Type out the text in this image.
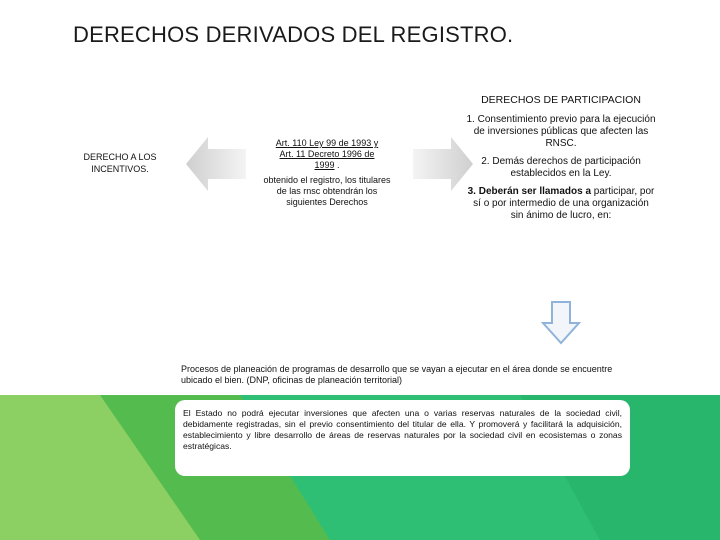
DERECHOS DERIVADOS DEL REGISTRO.
DERECHO A LOS INCENTIVOS.
Art. 110 Ley 99 de 1993 y
Art. 11 Decreto 1996 de
1999 .
obtenido el registro, los titulares de las rnsc obtendrán los siguientes Derechos
DERECHOS DE PARTICIPACION
1. Consentimiento previo para la ejecución de inversiones públicas que afecten las RNSC.
2. Demás derechos de participación establecidos en la Ley.
3. Deberán ser llamados a participar, por sí o por intermedio de una organización sin ánimo de lucro, en:
Procesos de planeación de programas de desarrollo que se vayan a ejecutar en el área donde se encuentre ubicado el bien. (DNP, oficinas de planeación territorial)
El Estado no podrá ejecutar inversiones que afecten una o varias reservas naturales de la sociedad civil, debidamente registradas, sin el previo consentimiento del titular de ella. Y promoverá y facilitará la adquisición, establecimiento y libre desarrollo de áreas de reservas naturales por la sociedad civil en ecosistemas o zonas estratégicas.
